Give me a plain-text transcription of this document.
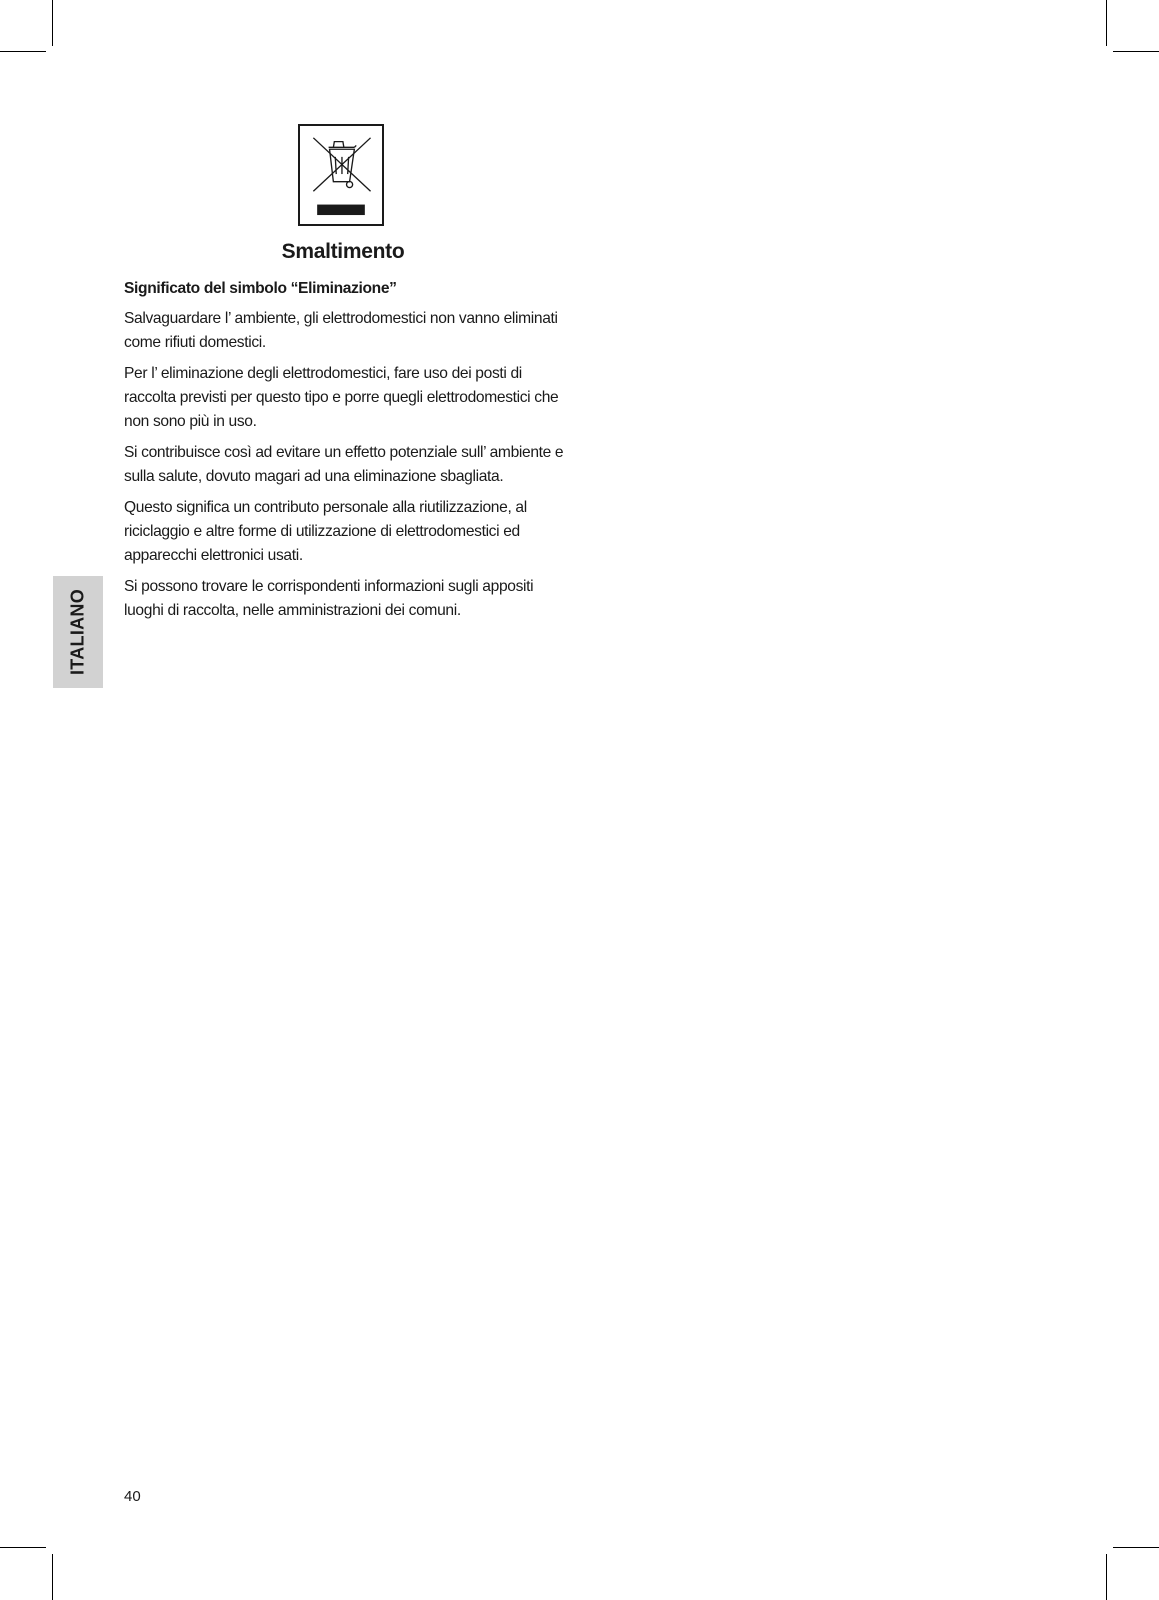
Smaltimento
Significato del simbolo “Eliminazione”

Salvaguardare l’ ambiente, gli elettrodomestici non vanno eliminati come rifiuti domestici.

Per l’ eliminazione degli elettrodomestici, fare uso dei posti di raccolta previsti per questo tipo e porre quegli elettrodomestici che non sono più in uso.

Si contribuisce così ad evitare un effetto potenziale sull’ ambiente e sulla salute, dovuto magari ad una eliminazione sbagliata.

Questo significa un contributo personale alla riutilizzazione, al riciclaggio e altre forme di utilizzazione di elettrodomestici ed apparecchi elettronici usati.

Si possono trovare le corrispondenti informazioni sugli appositi luoghi di raccolta, nelle amministrazioni dei comuni.

ITALIANO
40
